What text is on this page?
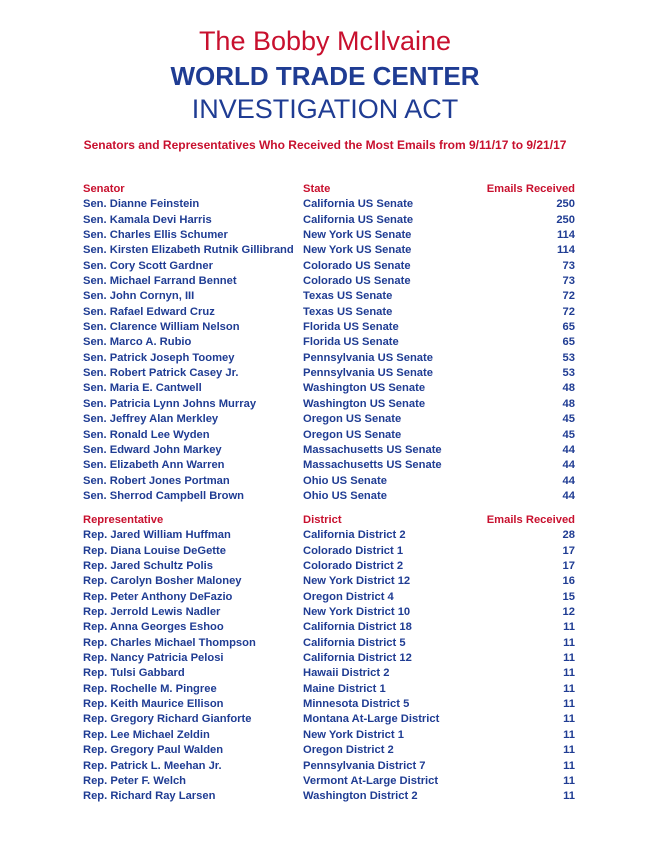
The Bobby McIlvaine
WORLD TRADE CENTER
INVESTIGATION ACT
Senators and Representatives Who Received the Most Emails from 9/11/17 to 9/21/17
Senator	State	Emails Received
Sen. Dianne Feinstein	California US Senate	250
Sen. Kamala Devi Harris	California US Senate	250
Sen. Charles Ellis Schumer	New York US Senate	114
Sen. Kirsten Elizabeth Rutnik Gillibrand New York US Senate	114
Sen. Cory Scott Gardner	Colorado US Senate	73
Sen. Michael Farrand Bennet	Colorado US Senate	73
Sen. John Cornyn, III	Texas US Senate	72
Sen. Rafael Edward Cruz	Texas US Senate	72
Sen. Clarence William Nelson	Florida US Senate	65
Sen. Marco A. Rubio	Florida US Senate	65
Sen. Patrick Joseph Toomey	Pennsylvania US Senate	53
Sen. Robert Patrick Casey Jr.	Pennsylvania US Senate	53
Sen. Maria E. Cantwell	Washington US Senate	48
Sen. Patricia Lynn Johns Murray	Washington US Senate	48
Sen. Jeffrey Alan Merkley	Oregon US Senate	45
Sen. Ronald Lee Wyden	Oregon US Senate	45
Sen. Edward John Markey	Massachusetts US Senate	44
Sen. Elizabeth Ann Warren	Massachusetts US Senate	44
Sen. Robert Jones Portman	Ohio US Senate	44
Sen. Sherrod Campbell Brown	Ohio US Senate	44
Representative	District	Emails Received
Rep. Jared William Huffman	California District 2	28
Rep. Diana Louise DeGette	Colorado District 1	17
Rep. Jared Schultz Polis	Colorado District 2	17
Rep. Carolyn Bosher Maloney	New York District 12	16
Rep. Peter Anthony DeFazio	Oregon District 4	15
Rep. Jerrold Lewis Nadler	New York District 10	12
Rep. Anna Georges Eshoo	California District 18	11
Rep. Charles Michael Thompson	California District 5	11
Rep. Nancy Patricia Pelosi	California District 12	11
Rep. Tulsi Gabbard	Hawaii District 2	11
Rep. Rochelle M. Pingree	Maine District 1	11
Rep. Keith Maurice Ellison	Minnesota District 5	11
Rep. Gregory Richard Gianforte	Montana At-Large District	11
Rep. Lee Michael Zeldin	New York District 1	11
Rep. Gregory Paul Walden	Oregon District 2	11
Rep. Patrick L. Meehan Jr.	Pennsylvania District 7	11
Rep. Peter F. Welch	Vermont At-Large District	11
Rep. Richard Ray Larsen	Washington District 2	11
